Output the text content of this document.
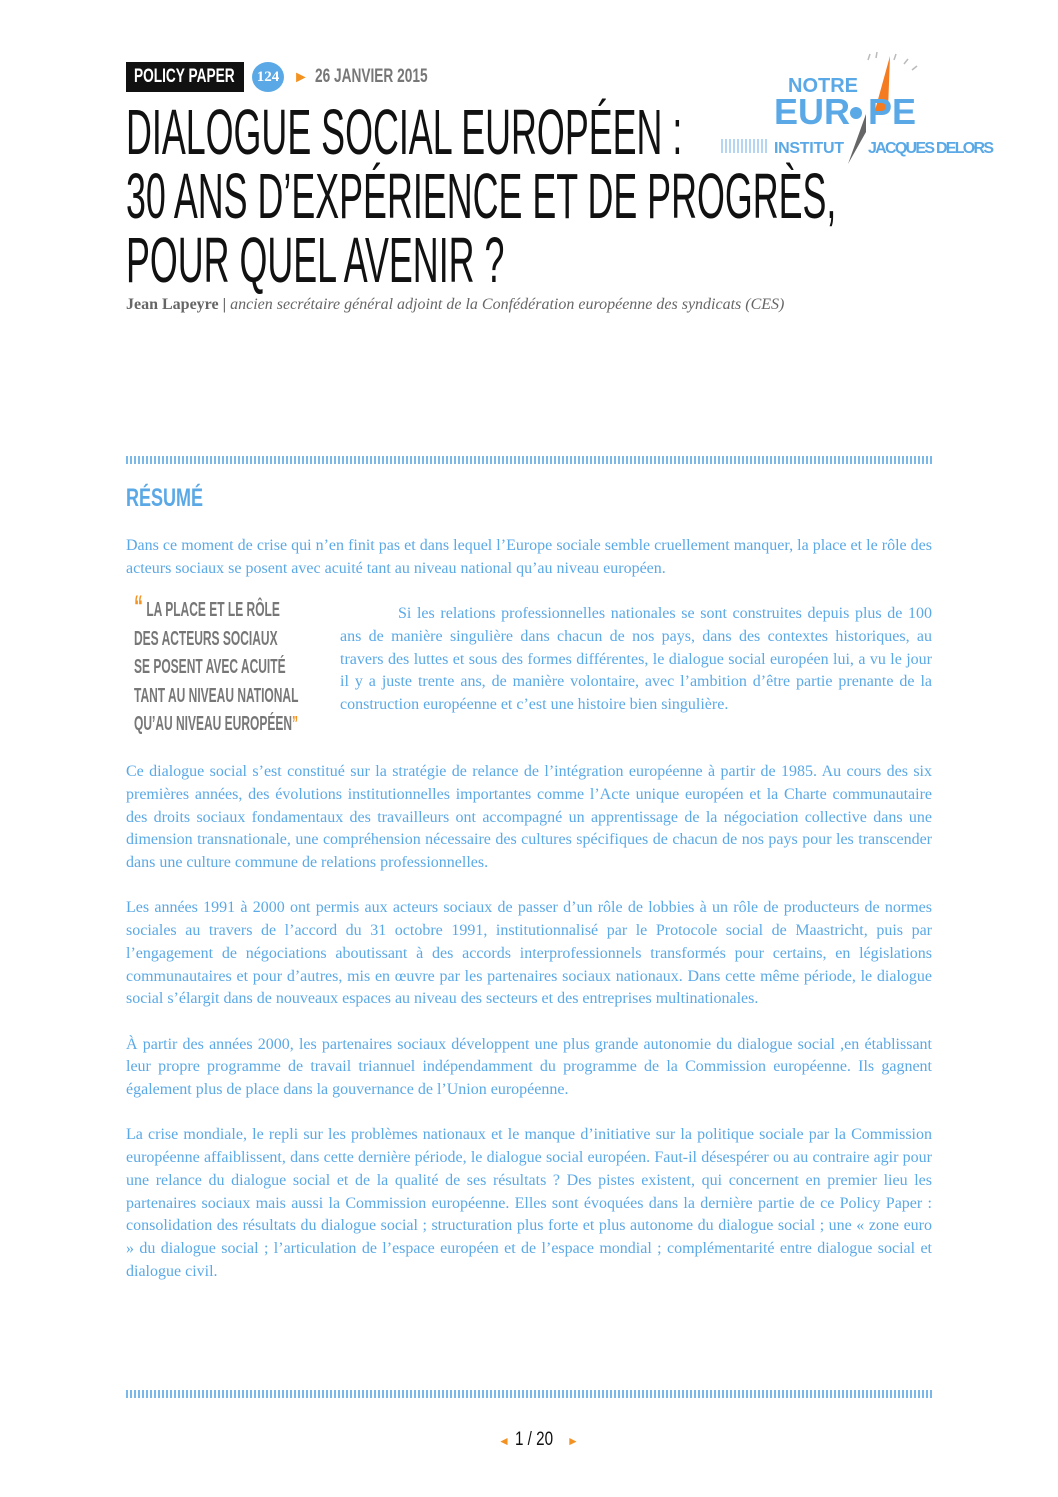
POLICY PAPER	124 ► 26 JANVIER 2015	NOTRE
EUR PE
INSTITUT JACQUES DELORS
DIALOGUE SOCIAL EUROPÉEN :
30 ANS D’EXPÉRIENCE ET DE PROGRÈS,
POUR QUEL AVENIR ?
Jean Lapeyre | ancien secrétaire général adjoint de la Confédération européenne des syndicats (CES)
RÉSUMÉ

Dans ce moment de crise qui n’en finit pas et dans lequel l’Europe sociale semble cruellement manquer, la place et le rôle des acteurs sociaux se posent avec acuité tant au niveau national qu’au niveau européen.

“ LA PLACE ET LE RÔLE
DES ACTEURS SOCIAUX
SE POSENT AVEC ACUITÉ
TANT AU NIVEAU NATIONAL
QU’AU NIVEAU EUROPÉEN”

Si les relations professionnelles nationales se sont construites depuis plus de 100 ans de manière singulière dans chacun de nos pays, dans des contextes historiques, au travers des luttes et sous des formes différentes, le dialogue social européen lui, a vu le jour il y a juste trente ans, de manière volontaire, avec l’ambition d’être partie prenante de la construction européenne et c’est une histoire bien singulière.

Ce dialogue social s’est constitué sur la stratégie de relance de l’intégration européenne à partir de 1985. Au cours des six premières années, des évolutions institutionnelles importantes comme l’Acte unique européen et la Charte communautaire des droits sociaux fondamentaux des travailleurs ont accompagné un apprentissage de la négociation collective dans une dimension transnationale, une compréhension nécessaire des cultures spécifiques de chacun de nos pays pour les transcender dans une culture commune de relations professionnelles.

Les années 1991 à 2000 ont permis aux acteurs sociaux de passer d’un rôle de lobbies à un rôle de producteurs de normes sociales au travers de l’accord du 31 octobre 1991, institutionnalisé par le Protocole social de Maastricht, puis par l’engagement de négociations aboutissant à des accords interprofessionnels transformés pour certains, en législations communautaires et pour d’autres, mis en œuvre par les partenaires sociaux nationaux. Dans cette même période, le dialogue social s’élargit dans de nouveaux espaces au niveau des secteurs et des entreprises multinationales.

À partir des années 2000, les partenaires sociaux développent une plus grande autonomie du dialogue social ,en établissant leur propre programme de travail triannuel indépendamment du programme de la Commission européenne. Ils gagnent également plus de place dans la gouvernance de l’Union européenne.

La crise mondiale, le repli sur les problèmes nationaux et le manque d’initiative sur la politique sociale par la Commission européenne affaiblissent, dans cette dernière période, le dialogue social européen. Faut-il désespérer ou au contraire agir pour une relance du dialogue social et de la qualité de ses résultats ? Des pistes existent, qui concernent en premier lieu les partenaires sociaux mais aussi la Commission européenne. Elles sont évoquées dans la dernière partie de ce Policy Paper : consolidation des résultats du dialogue social ; structuration plus forte et plus autonome du dialogue social ; une « zone euro » du dialogue social ; l’articulation de l’espace européen et de l’espace mondial ; complémentarité entre dialogue social et dialogue civil.

◄ 1 / 20 ►
